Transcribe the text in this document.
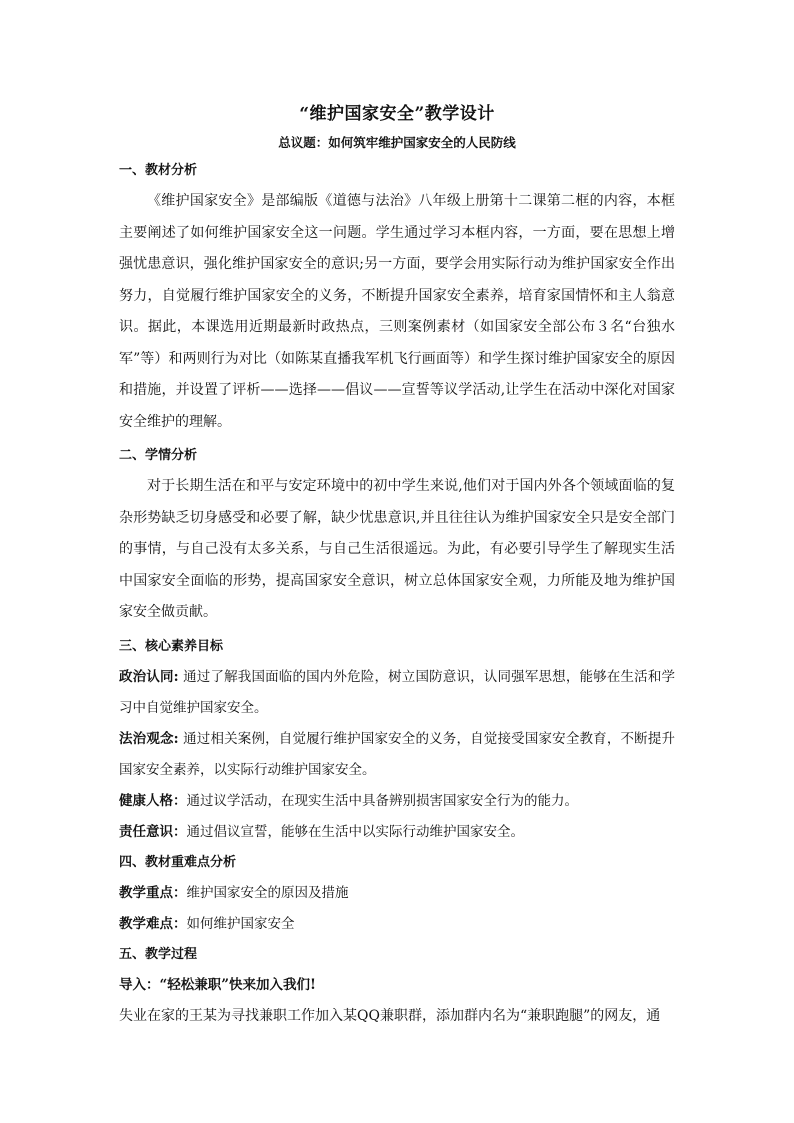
“维护国家安全”教学设计

总议题：如何筑牢维护国家安全的人民防线

一、教材分析

《维护国家安全》是部编版《道德与法治》八年级上册第十二课第二框的内容，本框主要阐述了如何维护国家安全这一问题。学生通过学习本框内容，一方面，要在思想上增强忧患意识，强化维护国家安全的意识;另一方面，要学会用实际行动为维护国家安全作出努力，自觉履行维护国家安全的义务，不断提升国家安全素养，培育家国情怀和主人翁意识。据此，本课选用近期最新时政热点，三则案例素材（如国家安全部公布３名“台独水军”等）和两则行为对比（如陈某直播我军机飞行画面等）和学生探讨维护国家安全的原因和措施，并设置了评析——选择——倡议——宣誓等议学活动,让学生在活动中深化对国家安全维护的理解。

二、学情分析

对于长期生活在和平与安定环境中的初中学生来说,他们对于国内外各个领域面临的复杂形势缺乏切身感受和必要了解，缺少忧患意识,并且往往认为维护国家安全只是安全部门的事情，与自己没有太多关系，与自己生活很遥远。为此，有必要引导学生了解现实生活中国家安全面临的形势，提高国家安全意识，树立总体国家安全观，力所能及地为维护国家安全做贡献。

三、核心素养目标

政治认同: 通过了解我国面临的国内外危险，树立国防意识，认同强军思想，能够在生活和学习中自觉维护国家安全。

法治观念: 通过相关案例，自觉履行维护国家安全的义务，自觉接受国家安全教育，不断提升国家安全素养，以实际行动维护国家安全。

健康人格：通过议学活动，在现实生活中具备辨别损害国家安全行为的能力。

责任意识：通过倡议宣誓，能够在生活中以实际行动维护国家安全。

四、教材重难点分析

教学重点：维护国家安全的原因及措施

教学难点：如何维护国家安全

五、教学过程

导入：“轻松兼职”快来加入我们!

失业在家的王某为寻找兼职工作加入某QQ兼职群，添加群内名为“兼职跑腿”的网友，通
